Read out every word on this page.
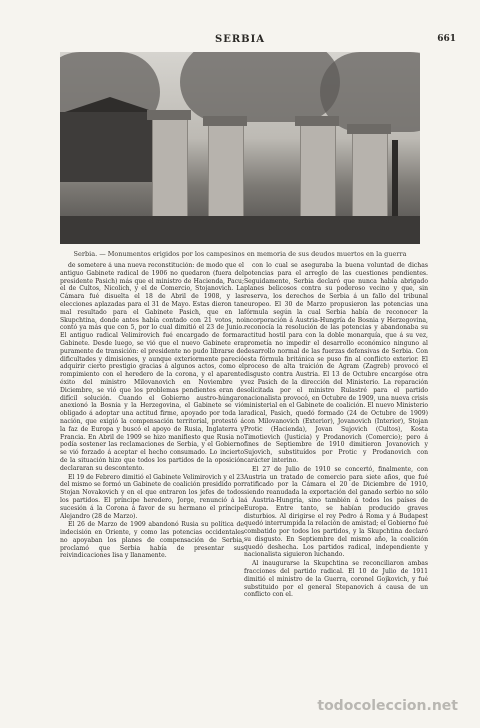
SERBIA	661
Serbia. — Monumentos erigidos por los campesinos en memoria de sus deudos muertos en la guerra

de sometere á una nueva reconstitución: de modo que el antiguo Gabinete radical de 1906 no quedaron (fuera del presidente Pasich) más que el ministro de Hacienda, Pacu; el de Cultos, Nicolich, y el de Comercio, Stojanovich. La Cámara fué disuelta el 18 de Abril de 1908, y las elecciones aplazadas para el 31 de Mayo. Estas dieron tan mal resultado para el Gabinete Pasich, que en la Skupchtina, donde antes había contado con 21 votos, no contó ya más que con 5, por lo cual dimitió el 23 de Junio. El antiguo radical Velimirovich fué encargado de formar Gabinete. Desde luego, se vió que el nuevo Gabinete era puramente de transición: el presidente no pudo librarse de dificultades y dimisiones, y aunque exteriormente pareció adquirir cierto prestigio gracias á algunos actos, como el rompimiento con el heredero de la corona, y el aparente éxito del ministro Milovanovich en Noviembre y Diciembre, se vió que los problemas pendientes eran de difícil solución. Cuando el Gobierno austro-húngaro anexionó la Bosnia y la Herzegovina, el Gabinete se vió obligado á adoptar una actitud firme, apoyado por toda la nación, que exigió la compensación territorial, protestó á la faz de Europa y buscó el apoyo de Rusia, Inglaterra y Francia. En Abril de 1909 se hizo manifiesto que Rusia no podía sostener las reclamaciones de Serbia, y el Gobierno se vió forzado á aceptar el hecho consumado. Lo incierto de la situación hizo que todos los partidos de la oposición declararan su descontento.

El 19 de Febrero dimitió el Gabinete Velimirovich y el 23 del mismo se formó un Gabinete de coalición presidido por Stojan Novakovich y en el que entraron los jefes de todos los partidos. El príncipe heredero, Jorge, renunció á la sucesión á la Corona á favor de su hermano el príncipe Alejandro (28 de Marzo).

El 26 de Marzo de 1909 abandonó Rusia su política de indecisión en Oriente, y como las potencias occidentales no apoyaban los planes de compensación de Serbia, proclamó que Serbia había de presentar sus reivindicaciones lisa y llanamente.

con lo cual se aseguraba la buena voluntad de dichas potencias para el arreglo de las cuestiones pendientes. Seguidamente, Serbia declaró que nunca había abrigado planes belicosos contra su poderoso vecino y que, sin reserva, los derechos de Serbia á un fallo del tribunal europeo. El 30 de Marzo propusieron las potencias una fórmula según la cual Serbia había de reconocer la incorporación á Austria-Hungría de Bosnia y Herzegovina, reconocía la resolución de las potencias y abandonaba su actitud hostil para con la doble monarquía, que á su vez, prometía no impedir el desarrollo económico ninguno al desarrollo normal de las fuerzas defensivas de Serbia. Con esta fórmula británica se puso fin al conflicto exterior. El proceso de alta traición de Agram (Zagreb) provocó el disgusto contra Austria. El 13 de Octubre encargóse otra vez Pasich de la dirección del Ministerio. La reparación solicitada por el ministro Rulastré para el partido nacionalista provocó, en Octubre de 1909, una nueva crisis ministerial en el Gabinete de coalición. El nuevo Ministerio radical, Pasich, quedó formado (24 de Octubre de 1909) con Milovanovich (Exterior), Jovanovich (Interior), Stojan Protic (Hacienda), Jovan Sujovich (Cultos), Kosta Timotievich (Justicia) y Prodanovich (Comercio); pero á fines de Septiembre de 1910 dimitieron Jovanovich y Sujovich, substituídos por Protic y Prodanovich con carácter interino.

El 27 de Julio de 1910 se concertó, finalmente, con Austria un tratado de comercio para siete años, que fué ratificado por la Cámara el 20 de Diciembre de 1910, siendo reanudada la exportación del ganado serbio no sólo á Austria-Hungría, sino también á todos los países de Europa. Entre tanto, se habían producido graves disturbios. Al dirigirse el rey Pedro á Roma y á Budapest quedó interrumpida la relación de amistad; el Gobierno fué combatido por todos los partidos, y la Skupchtina declaró su disgusto. En Septiembre del mismo año, la coalición quedó deshecha. Los partidos radical, independiente y nacionalista siguieron luchando.

Al inaugurarse la Skupchtina se reconciliaron ambas fracciones del partido radical. El 10 de Julio de 1911 dimitió el ministro de la Guerra, coronel Gojkovich, y fué substituido por el general Stepanovich á causa de un conflicto con el.

todocoleccion.net
